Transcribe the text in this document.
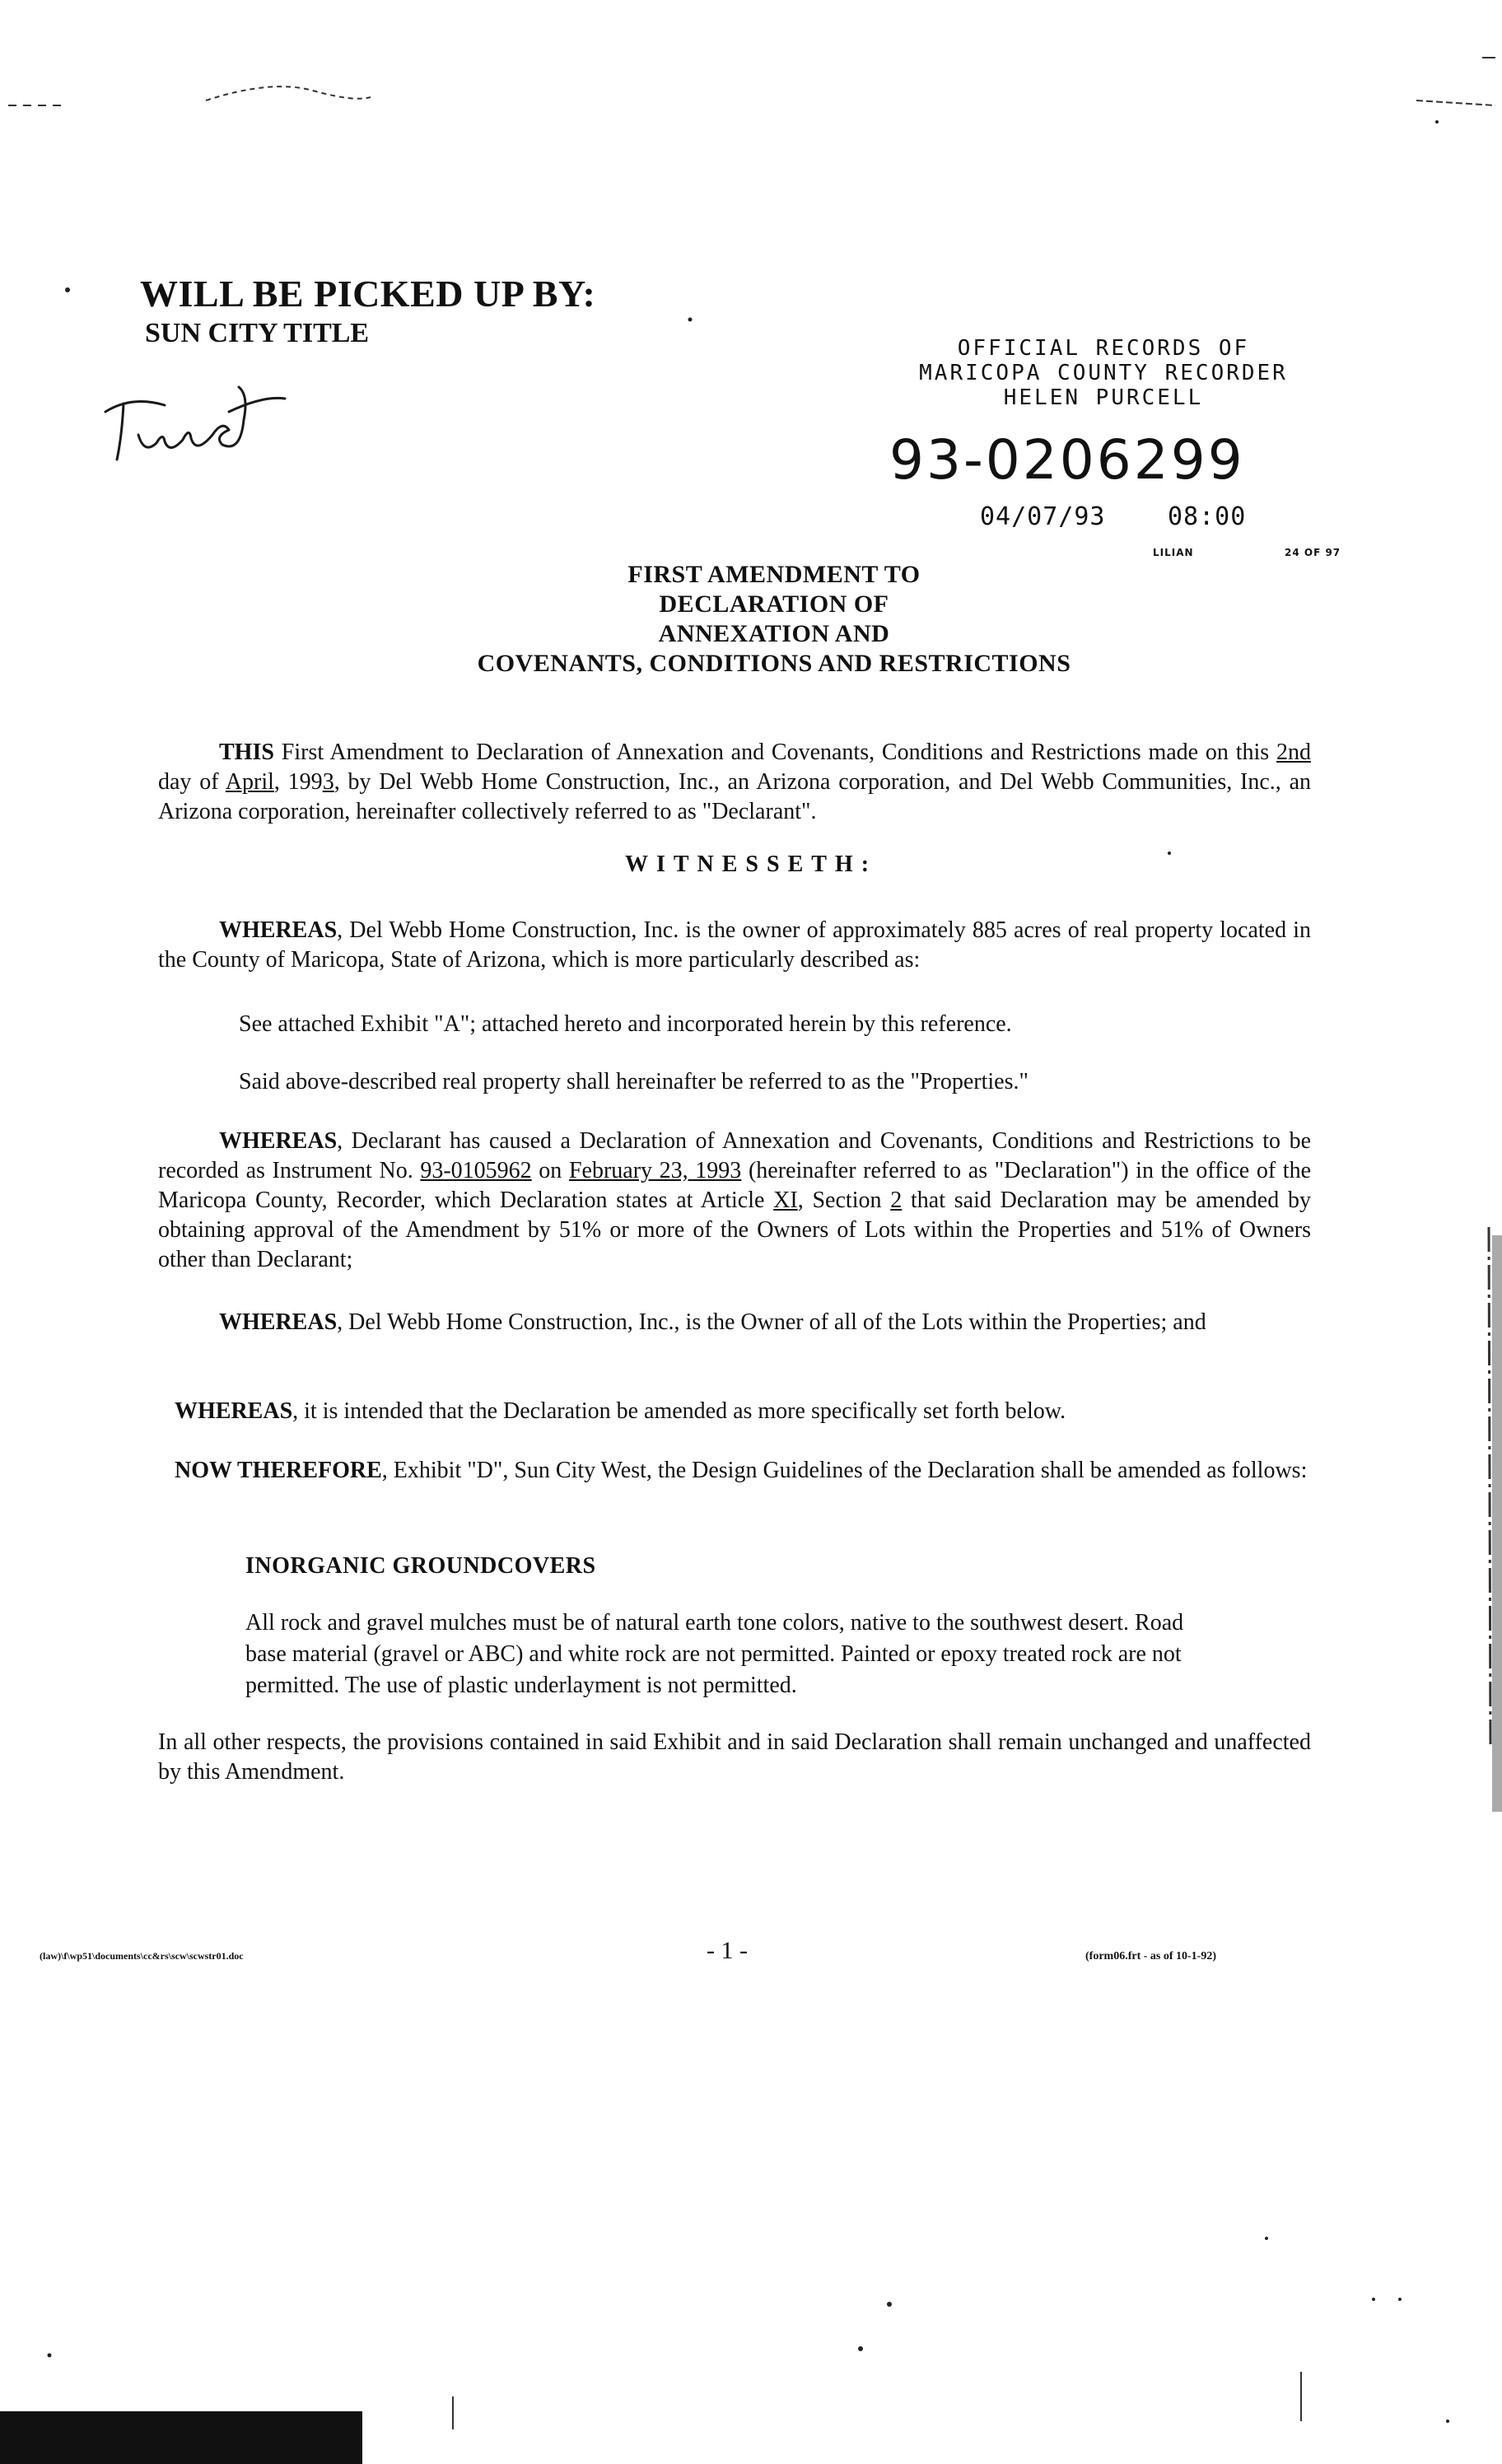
WILL BE PICKED UP BY:
SUN CITY TITLE	OFFICIAL RECORDS OF
MARICOPA COUNTY RECORDER
HELEN PURCELL
93-0206299
04/07/93	08:00
LILIAN	24 OF 97
FIRST AMENDMENT TO
DECLARATION OF
ANNEXATION AND
COVENANTS, CONDITIONS AND RESTRICTIONS
THIS First Amendment to Declaration of Annexation and Covenants, Conditions and Restrictions made on this 2nd day of April, 1993, by Del Webb Home Construction, Inc., an Arizona corporation, and Del Webb Communities, Inc., an Arizona corporation, hereinafter collectively referred to as "Declarant".
WITNESSETH:
WHEREAS, Del Webb Home Construction, Inc. is the owner of approximately 885 acres of real property located in the County of Maricopa, State of Arizona, which is more particularly described as:
See attached Exhibit "A"; attached hereto and incorporated herein by this reference.
Said above-described real property shall hereinafter be referred to as the "Properties."
WHEREAS, Declarant has caused a Declaration of Annexation and Covenants, Conditions and Restrictions to be recorded as Instrument No. 93-0105962 on February 23, 1993 (hereinafter referred to as "Declaration") in the office of the Maricopa County, Recorder, which Declaration states at Article XI, Section 2 that said Declaration may be amended by obtaining approval of the Amendment by 51% or more of the Owners of Lots within the Properties and 51% of Owners other than Declarant;
WHEREAS, Del Webb Home Construction, Inc., is the Owner of all of the Lots within the Properties; and
WHEREAS, it is intended that the Declaration be amended as more specifically set forth below.
NOW THEREFORE, Exhibit "D", Sun City West, the Design Guidelines of the Declaration shall be amended as follows:
INORGANIC GROUNDCOVERS
All rock and gravel mulches must be of natural earth tone colors, native to the southwest desert. Road base material (gravel or ABC) and white rock are not permitted. Painted or epoxy treated rock are not permitted. The use of plastic underlayment is not permitted.
In all other respects, the provisions contained in said Exhibit and in said Declaration shall remain unchanged and unaffected by this Amendment.
(law)\f\wp51\documents\cc&rs\scw\scwstr01.doc	- 1 -	(form06.frt - as of 10-1-92)
